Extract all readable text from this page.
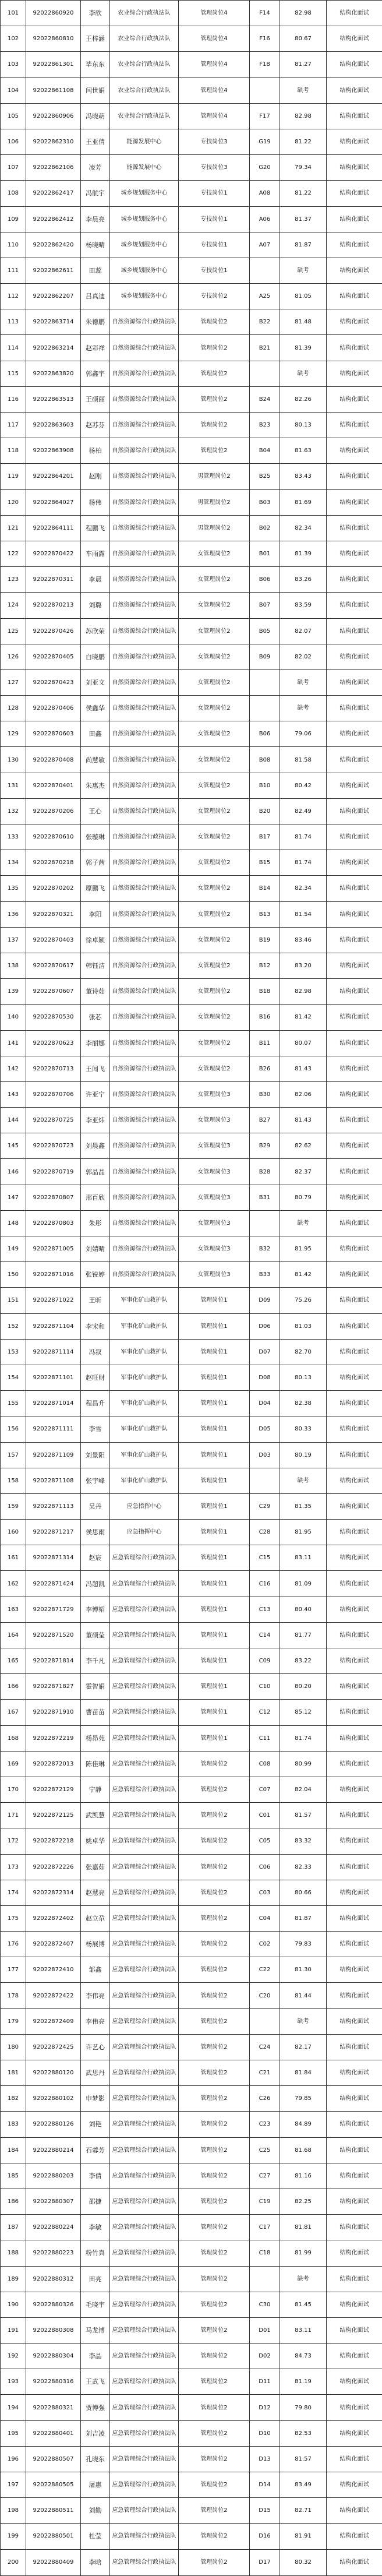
101	92022860920	李欣	农业综合行政执法队	管理岗位4	F14	82.98	结构化面试
102	92022860810	王梓涵	农业综合行政执法队	管理岗位4	F16	80.67	结构化面试
103	92022861301	毕东东	农业综合行政执法队	管理岗位4	F18	81.27	结构化面试
104	92022861108	闫世娟	农业综合行政执法队	管理岗位4		缺考	结构化面试
105	92022860906	冯晓萌	农业综合行政执法队	管理岗位4	F17	82.98	结构化面试
106	92022862310	王亚倩	能源发展中心	专技岗位3	G19	81.22	结构化面试
107	92022862106	凌芳	能源发展中心	专技岗位3	G20	79.34	结构化面试
108	92022862417	冯航宇	城乡规划服务中心	专技岗位1	A08	81.22	结构化面试
109	92022862412	李晨亮	城乡规划服务中心	专技岗位1	A06	81.37	结构化面试
110	92022862420	杨晓晴	城乡规划服务中心	专技岗位1	A07	81.87	结构化面试
111	92022862611	田蕊	城乡规划服务中心	专技岗位1		缺考	结构化面试
112	92022862207	吕真迪	城乡规划服务中心	专技岗位2	A25	81.05	结构化面试
113	92022863714	朱德鹏	自然资源综合行政执法队	管理岗位2	B22	81.48	结构化面试
114	92022863214	赵彩祥	自然资源综合行政执法队	管理岗位2	B21	81.39	结构化面试
115	92022863820	郭鑫宇	自然资源综合行政执法队	管理岗位2		缺考	结构化面试
116	92022863513	王硕丽	自然资源综合行政执法队	管理岗位2	B24	82.26	结构化面试
117	92022863603	赵苏芬	自然资源综合行政执法队	管理岗位2	B23	80.13	结构化面试
118	92022863908	杨柏	自然资源综合行政执法队	管理岗位2	B04	81.63	结构化面试
119	92022864201	赵刚	自然资源综合行政执法队	男管理岗位2	B25	83.43	结构化面试
120	92022864027	杨伟	自然资源综合行政执法队	男管理岗位2	B03	81.69	结构化面试
121	92022864111	程鹏飞	自然资源综合行政执法队	男管理岗位2	B02	82.34	结构化面试
122	92022870422	车雨露	自然资源综合行政执法队	女管理岗位2	B01	81.39	结构化面试
123	92022870311	李晨	自然资源综合行政执法队	女管理岗位2	B06	83.26	结构化面试
124	92022870213	刘璐	自然资源综合行政执法队	女管理岗位2	B07	83.59	结构化面试
125	92022870426	苏欣荣	自然资源综合行政执法队	女管理岗位2	B05	82.07	结构化面试
126	92022870405	白晓鹏	自然资源综合行政执法队	女管理岗位2	B09	82.02	结构化面试
127	92022870423	刘亚文	自然资源综合行政执法队	女管理岗位2		缺考	结构化面试
128	92022870406	侯鑫华	自然资源综合行政执法队	女管理岗位2		缺考	结构化面试
129	92022870603	田鑫	自然资源综合行政执法队	女管理岗位2	B06	79.06	结构化面试
130	92022870408	尚慧敏	自然资源综合行政执法队	女管理岗位2	B08	81.58	结构化面试
131	92022870401	朱惠杰	自然资源综合行政执法队	女管理岗位2	B10	80.42	结构化面试
132	92022870206	王心	自然资源综合行政执法队	女管理岗位2	B20	82.49	结构化面试
133	92022870610	张璇琳	自然资源综合行政执法队	女管理岗位2	B17	81.74	结构化面试
134	92022870218	郭子茜	自然资源综合行政执法队	女管理岗位2	B15	81.74	结构化面试
135	92022870202	原鹏飞	自然资源综合行政执法队	女管理岗位2	B14	82.34	结构化面试
136	92022870321	李阳	自然资源综合行政执法队	女管理岗位2	B13	81.54	结构化面试
137	92022870403	徐卓颖	自然资源综合行政执法队	女管理岗位2	B19	83.46	结构化面试
138	92022870617	韩钰洁	自然资源综合行政执法队	女管理岗位2	B12	83.20	结构化面试
139	92022870607	董诗茹	自然资源综合行政执法队	女管理岗位2	B18	82.98	结构化面试
140	92022870530	张芯	自然资源综合行政执法队	女管理岗位2	B16	81.42	结构化面试
141	92022870623	李丽娜	自然资源综合行政执法队	女管理岗位2	B11	80.07	结构化面试
142	92022870713	王闻飞	自然资源综合行政执法队	女管理岗位2	B26	81.43	结构化面试
143	92022870706	许亚宁	自然资源综合行政执法队	女管理岗位3	B30	82.06	结构化面试
144	92022870725	李亚炜	自然资源综合行政执法队	女管理岗位3	B27	81.43	结构化面试
145	92022870723	刘晨鑫	自然资源综合行政执法队	女管理岗位3	B29	82.62	结构化面试
146	92022870719	郭晶晶	自然资源综合行政执法队	女管理岗位3	B28	82.37	结构化面试
147	92022870807	邢百欣	自然资源综合行政执法队	女管理岗位3	B31	80.79	结构化面试
148	92022870803	朱彤	自然资源综合行政执法队	女管理岗位3		缺考	结构化面试
149	92022871005	刘婧晴	自然资源综合行政执法队	女管理岗位3	B32	81.95	结构化面试
150	92022871016	张锐婷	自然资源综合行政执法队	女管理岗位3	B33	81.42	结构化面试
151	92022871022	王昕	军事化矿山救护队	管理岗位1	D09	75.26	结构化面试
152	92022871104	李宋和	军事化矿山救护队	管理岗位1	D06	81.03	结构化面试
153	92022871114	冯叙	军事化矿山救护队	管理岗位1	D07	82.70	结构化面试
154	92022871101	赵旺财	军事化矿山救护队	管理岗位1	D08	80.13	结构化面试
155	92022871014	程昌升	军事化矿山救护队	管理岗位1	D04	82.38	结构化面试
156	92022871111	李雪	军事化矿山救护队	管理岗位1	D05	80.33	结构化面试
157	92022871109	刘景阳	军事化矿山救护队	管理岗位1	D03	80.19	结构化面试
158	92022871108	张宇峰	军事化矿山救护队	管理岗位1		缺考	结构化面试
159	92022871113	吴丹	应急指挥中心	管理岗位1	C29	81.35	结构化面试
160	92022871217	侯思雨	应急指挥中心	管理岗位1	C28	81.95	结构化面试
161	92022871314	赵宸	应急管理综合行政执法队	管理岗位1	C15	83.11	结构化面试
162	92022871424	冯超凯	应急管理综合行政执法队	管理岗位1	C16	81.09	结构化面试
163	92022871729	李博韬	应急管理综合行政执法队	管理岗位1	C13	80.40	结构化面试
164	92022871520	董硕莹	应急管理综合行政执法队	管理岗位1	C14	81.77	结构化面试
165	92022871814	李千凡	应急管理综合行政执法队	管理岗位1	C09	83.22	结构化面试
166	92022871827	霍智娟	应急管理综合行政执法队	管理岗位1	C10	80.20	结构化面试
167	92022871910	曹苗苗	应急管理综合行政执法队	管理岗位1	C12	85.12	结构化面试
168	92022872219	杨昂苑	应急管理综合行政执法队	管理岗位1	C11	81.74	结构化面试
169	92022872013	陈佳琳	应急管理综合行政执法队	管理岗位2	C08	80.99	结构化面试
170	92022872129	宁静	应急管理综合行政执法队	管理岗位2	C07	82.04	结构化面试
171	92022872125	武凯慧	应急管理综合行政执法队	管理岗位2	C01	81.57	结构化面试
172	92022872218	姚卓华	应急管理综合行政执法队	管理岗位2	C05	83.32	结构化面试
173	92022872226	张嘉茹	应急管理综合行政执法队	管理岗位2	C06	82.33	结构化面试
174	92022872314	赵慧亮	应急管理综合行政执法队	管理岗位2	C03	80.66	结构化面试
175	92022872402	赵立尕	应急管理综合行政执法队	管理岗位2	C04	81.87	结构化面试
176	92022872407	杨展博	应急管理综合行政执法队	管理岗位2	C02	79.83	结构化面试
177	92022872410	邹鑫	应急管理综合行政执法队	管理岗位2	C22	81.30	结构化面试
178	92022872422	李伟亮	应急管理综合行政执法队	管理岗位2	C20	81.44	结构化面试
179	92022872409	李伟亮	应急管理综合行政执法队	管理岗位2		缺考	结构化面试
180	92022872425	许艺心	应急管理综合行政执法队	管理岗位2	C24	82.17	结构化面试
181	92022880120	武思丹	应急管理综合行政执法队	管理岗位2	C21	81.84	结构化面试
182	92022880102	申梦影	应急管理综合行政执法队	管理岗位2	C26	79.85	结构化面试
183	92022880126	刘艳	应急管理综合行政执法队	管理岗位2	C23	84.89	结构化面试
184	92022880214	石蓉芳	应急管理综合行政执法队	管理岗位2	C25	81.68	结构化面试
185	92022880203	李倩	应急管理综合行政执法队	管理岗位2	C27	81.16	结构化面试
186	92022880307	邵捷	应急管理综合行政执法队	管理岗位2	C19	82.25	结构化面试
187	92022880224	李敏	应急管理综合行政执法队	管理岗位2	C17	81.81	结构化面试
188	92022880223	粉竹真	应急管理综合行政执法队	管理岗位2	C18	81.99	结构化面试
189	92022880312	田亮	应急管理综合行政执法队	管理岗位2		缺考	结构化面试
190	92022880326	毛晓宇	应急管理综合行政执法队	管理岗位2	C30	81.45	结构化面试
191	92022880308	马龙博	应急管理综合行政执法队	管理岗位2	D01	83.11	结构化面试
192	92022880304	李晶	应急管理综合行政执法队	管理岗位2	D02	84.73	结构化面试
193	92022880316	王武飞	应急管理综合行政执法队	管理岗位2	D11	81.19	结构化面试
194	92022880321	贾博强	应急管理综合行政执法队	管理岗位2	D12	79.80	结构化面试
195	92022880401	刘吉凌	应急管理综合行政执法队	管理岗位2	D10	82.53	结构化面试
196	92022880507	孔晓东	应急管理综合行政执法队	管理岗位2	D13	81.57	结构化面试
197	92022880505	屠惠	应急管理综合行政执法队	管理岗位2	D14	83.49	结构化面试
198	92022880511	刘勤	应急管理综合行政执法队	管理岗位2	D15	82.71	结构化面试
199	92022880501	杜莹	应急管理综合行政执法队	管理岗位2	D16	81.91	结构化面试
200	92022880409	李晗	应急管理综合行政执法队	管理岗位2	D17	80.32	结构化面试
